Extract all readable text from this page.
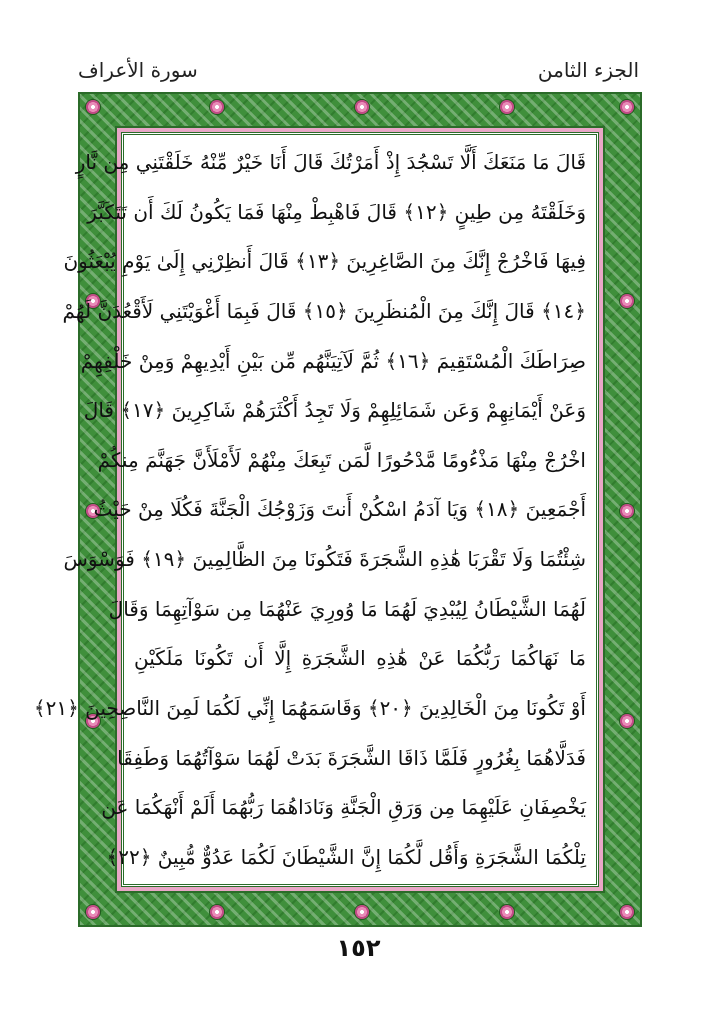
سورة الأعراف	الجزء الثامن
قَالَ مَا مَنَعَكَ أَلَّا تَسْجُدَ إِذْ أَمَرْتُكَ قَالَ أَنَا خَيْرٌ مِّنْهُ خَلَقْتَنِي مِن نَّارٍ
وَخَلَقْتَهُ مِن طِينٍ ﴿١٢﴾ قَالَ فَاهْبِطْ مِنْهَا فَمَا يَكُونُ لَكَ أَن تَتَكَبَّرَ
فِيهَا فَاخْرُجْ إِنَّكَ مِنَ الصَّاغِرِينَ ﴿١٣﴾ قَالَ أَنظِرْنِي إِلَىٰ يَوْمِ يُبْعَثُونَ
﴿١٤﴾ قَالَ إِنَّكَ مِنَ الْمُنظَرِينَ ﴿١٥﴾ قَالَ فَبِمَا أَغْوَيْتَنِي لَأَقْعُدَنَّ لَهُمْ
صِرَاطَكَ الْمُسْتَقِيمَ ﴿١٦﴾ ثُمَّ لَآتِيَنَّهُم مِّن بَيْنِ أَيْدِيهِمْ وَمِنْ خَلْفِهِمْ
وَعَنْ أَيْمَانِهِمْ وَعَن شَمَائِلِهِمْ وَلَا تَجِدُ أَكْثَرَهُمْ شَاكِرِينَ ﴿١٧﴾ قَالَ
اخْرُجْ مِنْهَا مَذْءُومًا مَّدْحُورًا لَّمَن تَبِعَكَ مِنْهُمْ لَأَمْلَأَنَّ جَهَنَّمَ مِنكُمْ
أَجْمَعِينَ ﴿١٨﴾ وَيَا آدَمُ اسْكُنْ أَنتَ وَزَوْجُكَ الْجَنَّةَ فَكُلَا مِنْ حَيْثُ
شِئْتُمَا وَلَا تَقْرَبَا هَٰذِهِ الشَّجَرَةَ فَتَكُونَا مِنَ الظَّالِمِينَ ﴿١٩﴾ فَوَسْوَسَ
لَهُمَا الشَّيْطَانُ لِيُبْدِيَ لَهُمَا مَا وُورِيَ عَنْهُمَا مِن سَوْآتِهِمَا وَقَالَ
مَا نَهَاكُمَا رَبُّكُمَا عَنْ هَٰذِهِ الشَّجَرَةِ إِلَّا أَن تَكُونَا مَلَكَيْنِ
أَوْ تَكُونَا مِنَ الْخَالِدِينَ ﴿٢٠﴾ وَقَاسَمَهُمَا إِنِّي لَكُمَا لَمِنَ النَّاصِحِينَ ﴿٢١﴾
فَدَلَّاهُمَا بِغُرُورٍ فَلَمَّا ذَاقَا الشَّجَرَةَ بَدَتْ لَهُمَا سَوْآتُهُمَا وَطَفِقَا
يَخْصِفَانِ عَلَيْهِمَا مِن وَرَقِ الْجَنَّةِ وَنَادَاهُمَا رَبُّهُمَا أَلَمْ أَنْهَكُمَا عَن
تِلْكُمَا الشَّجَرَةِ وَأَقُل لَّكُمَا إِنَّ الشَّيْطَانَ لَكُمَا عَدُوٌّ مُّبِينٌ ﴿٢٢﴾
١٥٢
